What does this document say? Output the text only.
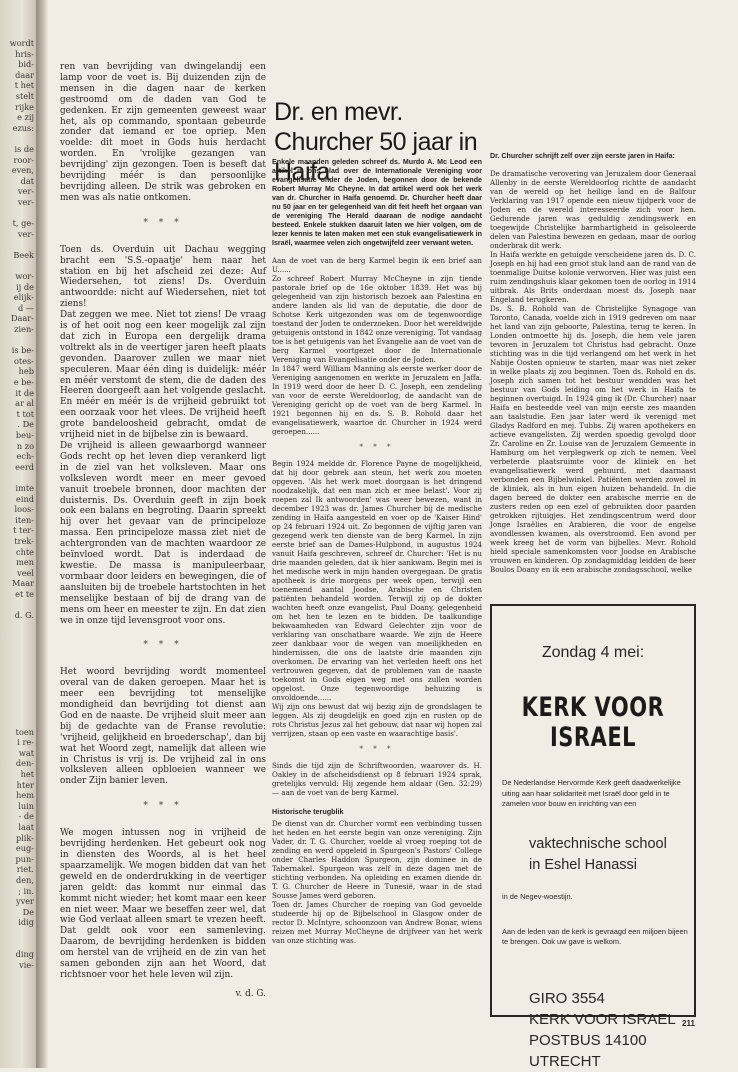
wordt
hris-
bid-
daar
t het
stelt
rijke
e zij
ezus:
is de
roor-
even,
dat
ver-
ver-
t, ge-
ver-
Beek
wor-
ij de
elijk-
d —
Daar-
zien-
is be-
otes-
heb
e be-
it de
ar al
t tot
. De
beu-
n zo
ech-
eerd
imte
eind
loos-
iten-
t ter-
trek-
chte
men
veel
Maar
et te
d. G.
toen
i re-
wat
den-
het
hter
hem
luin
- de
laat
plik-
eug-
pun-
riet.
den,
; in.
yver
De
idig
ding
vie-

ren van bevrijding van dwingelandij een lamp voor de voet is. Bij duizenden zijn de mensen in die dagen naar de kerken gestroomd om de daden van God te gedenken. Er zijn gemeenten geweest waar het, als op commando, spontaan gebeurde zonder dat iemand er toe opriep. Men voelde: dit moet in Gods huis herdacht worden. En 'vrolijke gezangen van bevrijding' zijn gezongen. Toen is beseft dat bevrijding méér is dan persoonlijke bevrijding alleen. De strik was gebroken en men was als natie ontkomen.

* * *

Toen ds. Overduin uit Dachau wegging bracht een 'S.S.-opaatje' hem naar het station en bij het afscheid zei deze: Auf Wiedersehen, tot ziens! Ds. Overduin antwoordde: nicht auf Wiedersehen, niet tot ziens!

Dat zeggen we mee. Niet tot ziens! De vraag is of het ooit nog een keer mogelijk zal zijn dat zich in Europa een dergelijk drama voltrekt als in de veertiger jaren heeft plaats gevonden. Daarover zullen we maar niet speculeren. Maar één ding is duidelijk: méér en méér verstomt de stem, die de daden des Heeren doorgeeft aan het volgende geslacht. En méér en méér is de vrijheid gebruikt tot een oorzaak voor het vlees. De vrijheid heeft grote bandeloosheid gebracht, omdat de vrijheid niet in de bijbelse zin is bewaard.

De vrijheid is alleen gewaarborgd wanneer Gods recht op het leven diep verankerd ligt in de ziel van het volksleven. Maar ons volksleven wordt meer en meer gevoed vanuit troebele bronnen, door machten der duisternis. Ds. Overduin geeft in zijn boek ook een balans en begroting. Daarin spreekt hij over het gevaar van de principeloze massa. Een principeloze massa ziet niet de achtergronden van de machten waardoor ze beïnvloed wordt. Dat is inderdaad de kwestie. De massa is manipuleerbaar, vormbaar door leiders en bewegingen, die of aansluiten bij de troebele hartstochten in het menselijke bestaan of bij de drang van de mens om heer en meester te zijn. En dat zien we in onze tijd levensgroot voor ons.

* * *

Het woord bevrijding wordt momenteel overal van de daken geroepen. Maar het is meer een bevrijding tot menselijke mondigheid dan bevrijding tot dienst aan God en de naaste. De vrijheid sluit meer aan bij de gedachte van de Franse revolutie: 'vrijheid, gelijkheid en broederschap', dan bij wat het Woord zegt, namelijk dat alleen wie in Christus is vrij is. De vrijheid zal in ons volksleven alleen opbloeien wanneer we onder Zijn banier leven.

* * *

We mogen intussen nog in vrijheid de bevrijding herdenken. Het gebeurt ook nog in diensten des Woords, al is het heel spaarzamelijk. We mogen bidden dat van het geweld en de onderdrukking in de veertiger jaren geldt: das kommt nur einmal das kommt nicht wieder; het komt maar een keer en niet weer. Maar we beseffen zeer wel, dat wie God verlaat alleen smart te vrezen heeft. Dat geldt ook voor een samenleving. Daarom, de bevrijding herdenken is bidden om herstel van de vrijheid en de zin van het samen gebonden zijn aan het Woord, dat richtsnoer voor het hele leven wil zijn.

v. d. G.
Dr. en mevr. Churcher 50 jaar in Haifa

Enkele maanden geleden schreef ds. Murdo A. Mc Leod een artikel in ons blad over de Internationale Vereniging voor evangelisatie onder de Joden, begonnen door de bekende Robert Murray Mc Cheyne. In dat artikel werd ook het werk van dr. Churcher in Haifa genoemd. Dr. Churcher heeft daar nu 50 jaar en ter gelegenheid van dit feit heeft het orgaan van de vereniging The Herald daaraan de nodige aandacht besteed. Enkele stukken daaruit laten we hier volgen, om de lezer kennis te laten maken met een stuk evangelisatiewerk in Israël, waarmee velen zich ongetwijfeld zeer verwant weten.

Aan de voet van de berg Karmel begin ik een brief aan U......

Zo schreef Robert Murray McCheyne in zijn tiende pastorale brief op de 16e oktober 1839. Het was bij gelegenheid van zijn historisch bezoek aan Palestina en andere landen als lid van de deputatie, die door de Schotse Kerk uitgezonden was om de tegenwoordige toestand der Joden te onderzoeken. Door het wereldwijde getuigenis ontstond in 1842 onze vereniging. Tot vandaag toe is het getuigenis van het Evangelie aan de voet van de berg Karmel voortgezet door de Internationale Vereniging van Evangelisatie onder de Joden.

In 1847 werd William Manning als eerste werker door de Vereniging aangenomen en werkte in Jeruzalem en Jaffa. In 1919 werd door de heer D. C. Joseph, een zendeling van voor de eerste Wereldoorlog, de aandacht van de Vereniging gericht op de voet van de berg Karmel. In 1921 begonnen hij en ds. S. B. Rohold daar het evangelisatiewerk, waartoe dr. Churcher in 1924 werd geroepen......

* * *

Begin 1924 meldde dr. Florence Payne de mogelijkheid, dat hij door gebrek aan steun, het werk zou moeten opgeven. 'Als het werk moet doorgaan is het dringend noodzakelijk, dat een man zich er mee belast'. Voor zij roepen zal Ik antwoorden' was weer bewezen, want in december 1923 was dr. James Churcher bij de medische zending in Haifa aangesteld en voer op de 'Kaiser Hind' op 24 februari 1924 uit. Zo begonnen de vijftig jaren van gezegend werk ten dienste van de berg Karmel. In zijn eerste brief aan de Dames-Hulpbond, in augustus 1924 vanuit Haifa geschreven, schreef dr. Churcher: 'Het is nu drie maanden geleden, dat ik hier aankwam. Begin mei is het medische werk in mijn handen overgegaan. De gratis apotheek is drie morgens per week open, terwijl een toenemend aantal Joodse, Arabische en Christen patiënten behandeld worden. Terwijl zij op de dokter wachten heeft onze evangelist, Paul Doany, gelegenheid om het hen te lezen en te bidden. De taalkundige bekwaamheden van Edward Gelechter zijn voor de verklaring van onschatbare waarde. We zijn de Heere zeer dankbaar voor de wegen van moeilijkheden en hindernissen, die ons de laatste drie maanden zijn overkomen. De ervaring van het verleden heeft ons het vertrouwen gegeven, dat de problemen van de naaste toekomst in Gods eigen weg met ons zullen worden opgelost. Onze tegenwoordige behuizing is onvoldoende......

Wij zijn ons bewust dat wij bezig zijn de grondslagen te leggen. Als zij deugdelijk en goed zijn en rusten op de rots Christus Jezus zal het gebouw, dat naar wij hopen zal verrijzen, staan op een vaste en waarachtige basis'.

* * *

Sinds die tijd zijn de Schriftwoorden, waarover ds. H. Oakley in de afscheidsdienst op 8 februari 1924 sprak, gretelijks vervuld: Hij zegende hem aldaar (Gen. 32:29) — aan de voet van de berg Karmel.

Historische terugblik

De dienst van dr. Churcher vormt een verbinding tussen het heden en het eerste begin van onze vereniging. Zijn Vader, dr. T. G. Churcher, voelde al vroeg roeping tot de zending en werd opgeleid in Spurgeon's Pastors' College onder Charles Haddon Spurgeon, zijn dominee in de Tabernakel. Spurgeon was zelf in deze dagen met de stichting verbonden. Na opleiding en examen diende dr. T. G. Churcher de Heere in Tunesië, waar in de stad Sousse James werd geboren.

Toen dr. James Churcher de roeping van God gevoelde studeerde hij op de Bijbelschool in Glasgow onder de rector D. McIntyre, schoonzoon van Andrew Bonar, wiens reizen met Murray McCheyne de drijfveer van het werk van onze stichting was.

Dr. Churcher schrijft zelf over zijn eerste jaren in Haifa:

De dramatische verovering van Jeruzalem door Generaal Allenby in de eerste Wereldoorlog richtte de aandacht van de wereld op het heilige land en de Balfour Verklaring van 1917 opende een nieuw tijdperk voor de Joden en de wereld interesseerde zich voor hen. Gedurende jaren was geduldig zendingswerk en toegewijde Christelijke barmhartigheid in geïsoleerde delen van Palestina bewezen en gedaan, maar de oorlog onderbrak dit werk.

In Haifa werkte en getuigde verscheidene jaren ds. D. C. Joseph en hij had een groot stuk land aan de rand van de toenmalige Duitse kolonie verworven. Hier was juist een ruim zendingshuis klaar gekomen toen de oorlog in 1914 uitbrak. Als Brits onderdaan moest ds. Joseph naar Engeland terugkeren.

Ds. S. B. Rohold van de Christelijke Synagoge van Toronto, Canada, voelde zich in 1919 gedreven om naar het land van zijn geboorte, Palestina, terug te keren. In Londen ontmoette hij ds. Joseph, die hem vele jaren tevoren in Jeruzalem tot Christus had gebracht. Onze stichting was in die tijd verlangend om het werk in het Nabije Oosten opnieuw te starten, maar was niet zeker in welke plaats zij zou beginnen. Toen ds. Rohold en ds. Joseph zich samen tot het bestuur wendden was het bestuur van Gods leiding om het werk in Haifa te beginnen overtuigd. In 1924 ging ik (Dr. Churcher) naar Haifa en besteedde veel van mijn eerste zes maanden aan taalstudie. Een jaar later werd ik verenigd met Gladys Radford en mej. Tubbs. Zij waren apothekers en actieve evangelisten. Zij werden spoedig gevolgd door Zr. Caroline en Zr. Louise van de Jeruzalem Gemeente in Hamburg om het verplegwerk op zich te nemen. Veel verbeterde plaatsruimte voor de kliniek en het evangelisatiewerk werd gehuurd, met daarnaast verbonden een Bijbelwinkel. Patiënten werden zowel in de kliniek, als in hun eigen huizen behandeld. In die dagen bereed de dokter een arabische merrie en de zusters reden op een ezel of gebruikten door paarden getrokken rijtuigjes. Het zendingscentrum werd door Jonge Israëlies en Arabieren, die voor de engelse avondlessen kwamen, als overstroomd. Een avond per week kreeg het de vorm van bijbelles. Mevr. Rohold hield speciale samenkomsten voor Joodse en Arabische vrouwen en kinderen. Op zondagmiddag leidden de heer Boulos Doany en ik een arabische zondagsschool, welke

Zondag 4 mei:
KERK VOOR ISRAEL
De Nederlandse Hervormde Kerk geeft daadwerkelijke uiting aan haar solidariteit met Israël door geld in te zamelen voor bouw en inrichting van een
vaktechnische school
in Eshel Hanassi
in de Negev-woestijn.
Aan de leden van de kerk is gevraagd een miljoen bijeen te brengen. Ook uw gave is welkom.
GIRO 3554
KERK VOOR ISRAEL
POSTBUS 14100
UTRECHT
211
